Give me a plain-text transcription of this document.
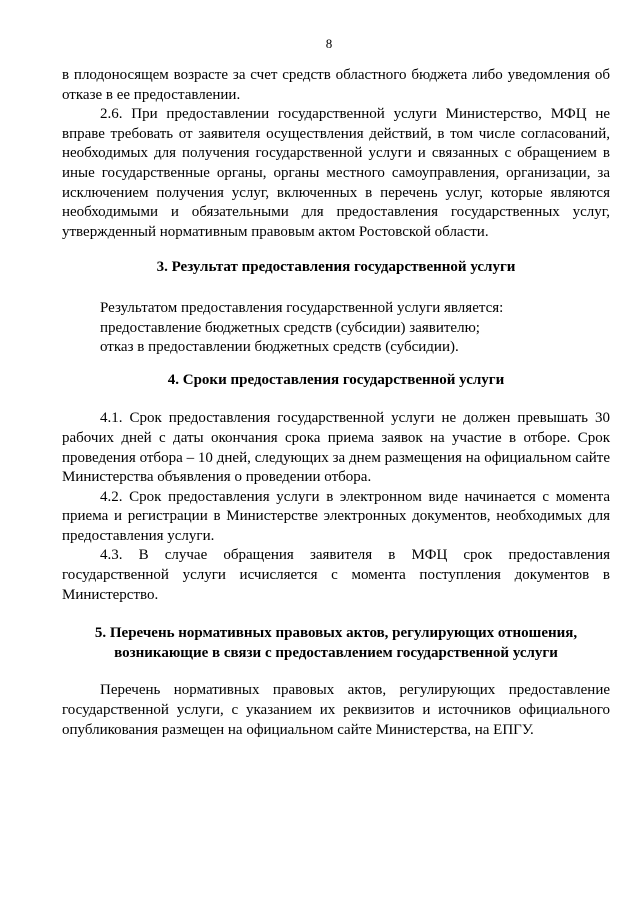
8

в плодоносящем возрасте за счет средств областного бюджета либо уведомления об отказе в ее предоставлении.

2.6. При предоставлении государственной услуги Министерство, МФЦ не вправе требовать от заявителя осуществления действий, в том числе согласований, необходимых для получения государственной услуги и связанных с обращением в иные государственные органы, органы местного самоуправления, организации, за исключением получения услуг, включенных в перечень услуг, которые являются необходимыми и обязательными для предоставления государственных услуг, утвержденный нормативным правовым актом Ростовской области.

3. Результат предоставления государственной услуги

Результатом предоставления государственной услуги является:

предоставление бюджетных средств (субсидии) заявителю;

отказ в предоставлении бюджетных средств (субсидии).

4. Сроки предоставления государственной услуги

4.1. Срок предоставления государственной услуги не должен превышать 30 рабочих дней с даты окончания срока приема заявок на участие в отборе. Срок проведения отбора – 10 дней, следующих за днем размещения на официальном сайте Министерства объявления о проведении отбора.

4.2. Срок предоставления услуги в электронном виде начинается с момента приема и регистрации в Министерстве электронных документов, необходимых для предоставления услуги.

4.3. В случае обращения заявителя в МФЦ срок предоставления государственной услуги исчисляется с момента поступления документов в Министерство.

5. Перечень нормативных правовых актов, регулирующих отношения,
возникающие в связи с предоставлением государственной услуги

Перечень нормативных правовых актов, регулирующих предоставление государственной услуги, с указанием их реквизитов и источников официального опубликования размещен на официальном сайте Министерства, на ЕПГУ.
